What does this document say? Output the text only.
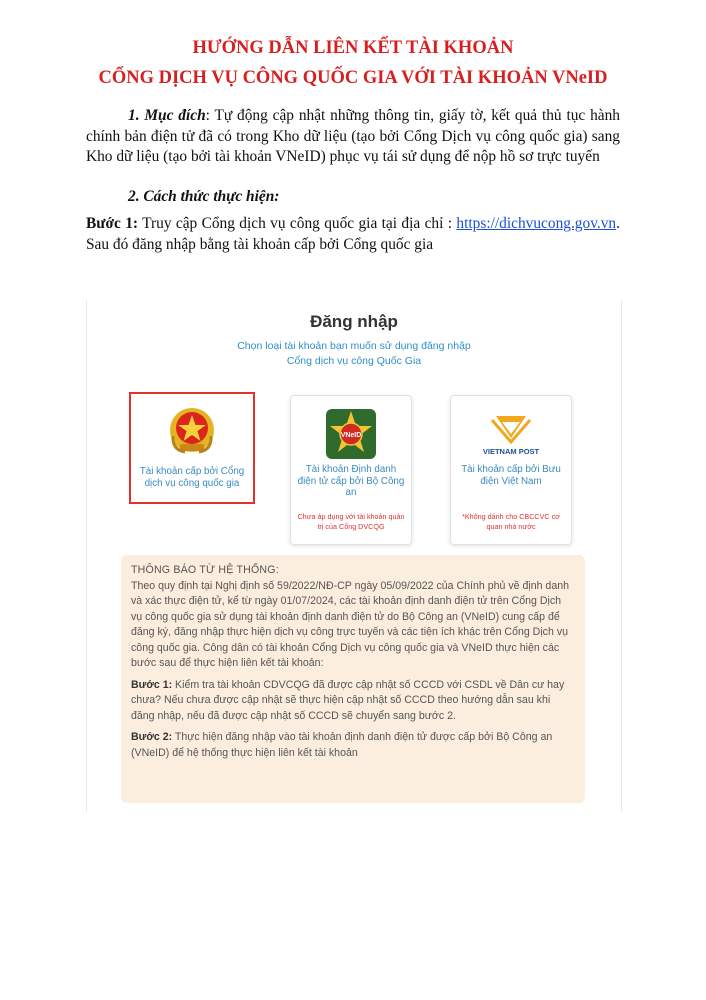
HƯỚNG DẪN LIÊN KẾT TÀI KHOẢN
CỔNG DỊCH VỤ CÔNG QUỐC GIA VỚI TÀI KHOẢN VNeID

1. Mục đích: Tự động cập nhật những thông tin, giấy tờ, kết quả thủ tục hành chính bản điện tử đã có trong Kho dữ liệu (tạo bởi Cổng Dịch vụ công quốc gia) sang Kho dữ liệu (tạo bởi tài khoản VNeID) phục vụ tái sử dụng để nộp hồ sơ trực tuyến

2. Cách thức thực hiện:

Bước 1: Truy cập Cổng dịch vụ công quốc gia tại địa chỉ : https://dichvucong.gov.vn. Sau đó đăng nhập bằng tài khoản cấp bởi Cổng quốc gia

Đăng nhập

Chọn loại tài khoản bạn muốn sử dụng đăng nhập

Cổng dịch vụ công Quốc Gia

Tài khoản cấp bởi Cổng dịch vụ công quốc gia

VNeID

Tài khoản Định danh điện tử cấp bởi Bộ Công an

Chưa áp dụng với tài khoản quản trị của Cổng DVCQG

VIETNAM POST

Tài khoản cấp bởi Bưu điện Việt Nam

*Không dành cho CBCCVC cơ quan nhà nước

THÔNG BÁO TỪ HỆ THỐNG:

Theo quy định tại Nghị định số 59/2022/NĐ-CP ngày 05/09/2022 của Chính phủ về định danh và xác thực điện tử, kể từ ngày 01/07/2024, các tài khoản định danh điện tử trên Cổng Dịch vụ công quốc gia sử dụng tài khoản định danh điện tử do Bộ Công an (VNeID) cung cấp để đăng ký, đăng nhập thực hiện dịch vụ công trực tuyến và các tiện ích khác trên Cổng Dịch vụ công quốc gia. Công dân có tài khoản Cổng Dịch vụ công quốc gia và VNeID thực hiện các bước sau để thực hiện liên kết tài khoản:

Bước 1: Kiểm tra tài khoản CDVCQG đã được cập nhật số CCCD với CSDL về Dân cư hay chưa? Nếu chưa được cập nhật sẽ thực hiện cập nhật số CCCD theo hướng dẫn sau khi đăng nhập, nếu đã được cập nhật số CCCD sẽ chuyển sang bước 2.

Bước 2: Thực hiện đăng nhập vào tài khoản định danh điện tử được cấp bởi Bộ Công an (VNeID) để hệ thống thực hiện liên kết tài khoản
